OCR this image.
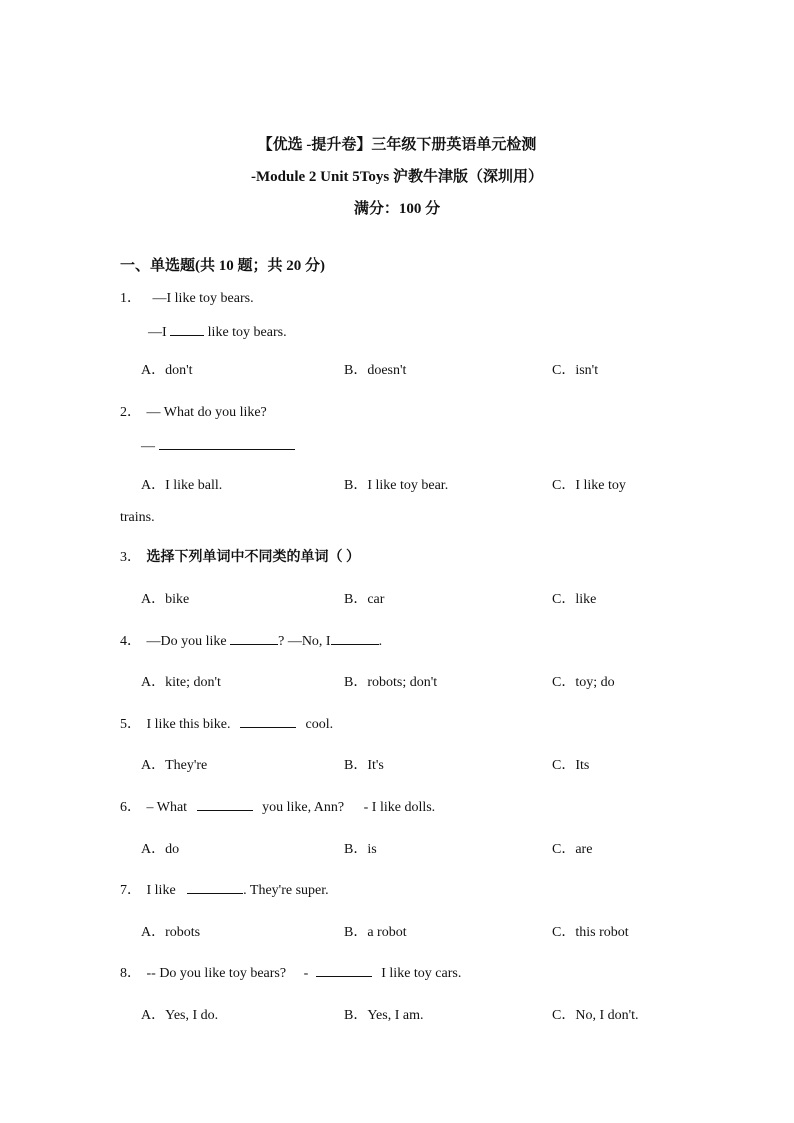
【优选 -提升卷】三年级下册英语单元检测
-Module 2 Unit 5Toys 沪教牛津版（深圳用）
满分：100 分
一、单选题(共 10 题；共 20 分)
1． —I like toy bears.
—I	like toy bears.
A．don't	B．doesn't	C．isn't
2． — What do you like?
—
A．I like ball.	B．I like toy bear.	C．I like toy
trains.
3． 选择下列单词中不同类的单词（ ）
A．bike	B．car	C．like
4． —Do you like	? —No, I	.
A．kite; don't	B．robots; don't	C．toy; do
5． I like this bike.	cool.
A．They're	B．It's	C．Its
6． – What	you like, Ann? - I like dolls.
A．do	B．is	C．are
7． I like	. They're super.
A．robots	B．a robot	C．this robot
8． -- Do you like toy bears? -	I like toy cars.
A．Yes, I do.	B．Yes, I am.	C．No, I don't.
